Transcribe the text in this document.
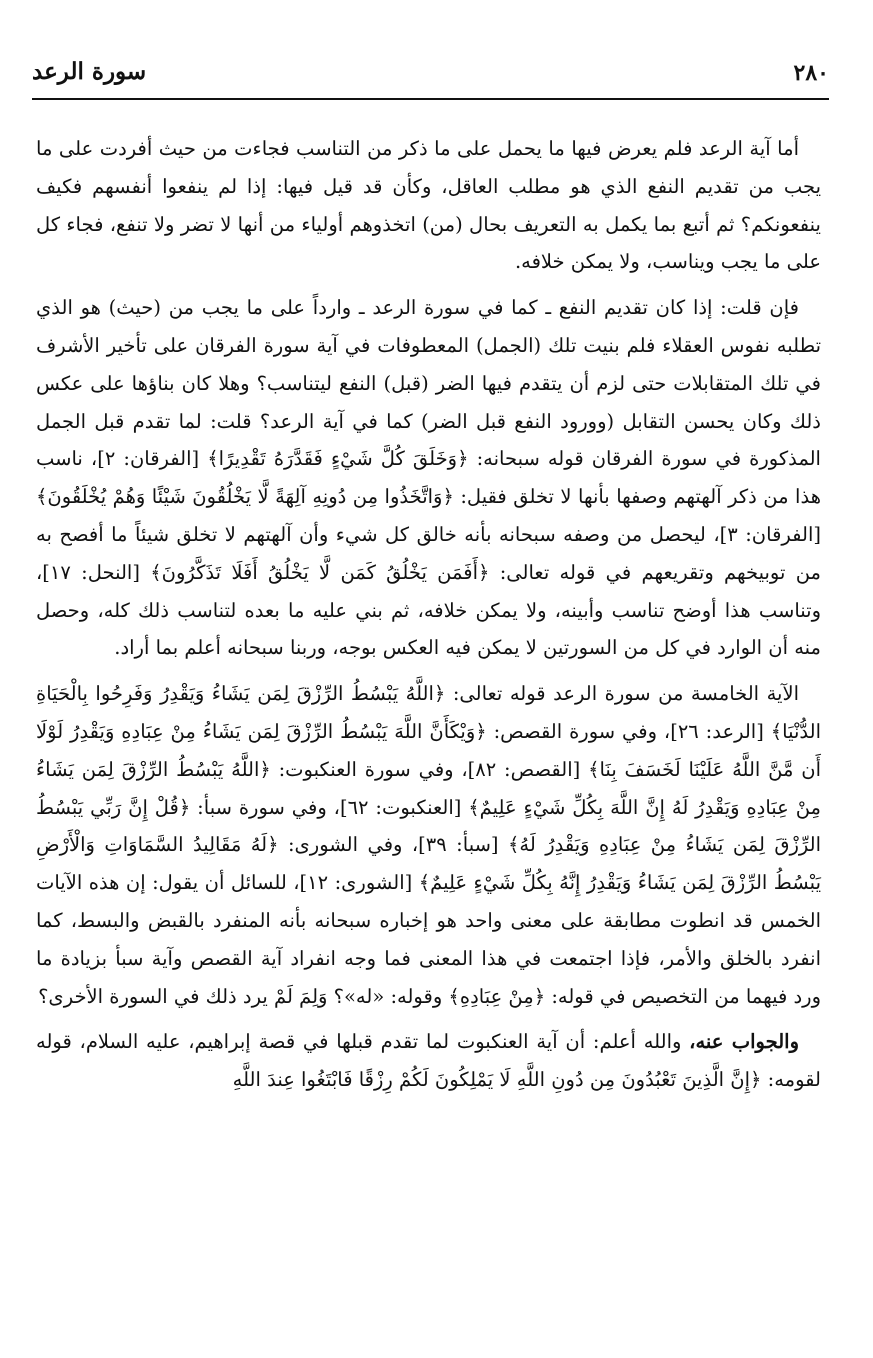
٢٨٠
سورة الرعد

أما آية الرعد فلم يعرض فيها ما يحمل على ما ذكر من التناسب فجاءت من حيث أفردت على ما يجب من تقديم النفع الذي هو مطلب العاقل، وكأن قد قيل فيها: إذا لم ينفعوا أنفسهم فكيف ينفعونكم؟ ثم أتبع بما يكمل به التعريف بحال (من) اتخذوهم أولياء من أنها لا تضر ولا تنفع، فجاء كل على ما يجب ويناسب، ولا يمكن خلافه.

فإن قلت: إذا كان تقديم النفع ـ كما في سورة الرعد ـ وارداً على ما يجب من (حيث) هو الذي تطلبه نفوس العقلاء فلم بنيت تلك (الجمل) المعطوفات في آية سورة الفرقان على تأخير الأشرف في تلك المتقابلات حتى لزم أن يتقدم فيها الضر (قبل) النفع ليتناسب؟ وهلا كان بناؤها على عكس ذلك وكان يحسن التقابل (وورود النفع قبل الضر) كما في آية الرعد؟ قلت: لما تقدم قبل الجمل المذكورة في سورة الفرقان قوله سبحانه: ﴿وَخَلَقَ كُلَّ شَيْءٍ فَقَدَّرَهُ تَقْدِيرًا﴾ [الفرقان: ٢]، ناسب هذا من ذكر آلهتهم وصفها بأنها لا تخلق فقيل: ﴿وَاتَّخَذُوا مِن دُونِهِ آلِهَةً لَّا يَخْلُقُونَ شَيْئًا وَهُمْ يُخْلَقُونَ﴾ [الفرقان: ٣]، ليحصل من وصفه سبحانه بأنه خالق كل شيء وأن آلهتهم لا تخلق شيئاً ما أفصح به من توبيخهم وتقريعهم في قوله تعالى: ﴿أَفَمَن يَخْلُقُ كَمَن لَّا يَخْلُقُ أَفَلَا تَذَكَّرُونَ﴾ [النحل: ١٧]، وتناسب هذا أوضح تناسب وأبينه، ولا يمكن خلافه، ثم بني عليه ما بعده لتناسب ذلك كله، وحصل منه أن الوارد في كل من السورتين لا يمكن فيه العكس بوجه، وربنا سبحانه أعلم بما أراد.

الآية الخامسة من سورة الرعد قوله تعالى: ﴿اللَّهُ يَبْسُطُ الرِّزْقَ لِمَن يَشَاءُ وَيَقْدِرُ وَفَرِحُوا بِالْحَيَاةِ الدُّنْيَا﴾ [الرعد: ٢٦]، وفي سورة القصص: ﴿وَيْكَأَنَّ اللَّهَ يَبْسُطُ الرِّزْقَ لِمَن يَشَاءُ مِنْ عِبَادِهِ وَيَقْدِرُ لَوْلَا أَن مَّنَّ اللَّهُ عَلَيْنَا لَخَسَفَ بِنَا﴾ [القصص: ٨٢]، وفي سورة العنكبوت: ﴿اللَّهُ يَبْسُطُ الرِّزْقَ لِمَن يَشَاءُ مِنْ عِبَادِهِ وَيَقْدِرُ لَهُ إِنَّ اللَّهَ بِكُلِّ شَيْءٍ عَلِيمٌ﴾ [العنكبوت: ٦٢]، وفي سورة سبأ: ﴿قُلْ إِنَّ رَبِّي يَبْسُطُ الرِّزْقَ لِمَن يَشَاءُ مِنْ عِبَادِهِ وَيَقْدِرُ لَهُ﴾ [سبأ: ٣٩]، وفي الشورى: ﴿لَهُ مَقَالِيدُ السَّمَاوَاتِ وَالْأَرْضِ يَبْسُطُ الرِّزْقَ لِمَن يَشَاءُ وَيَقْدِرُ إِنَّهُ بِكُلِّ شَيْءٍ عَلِيمٌ﴾ [الشورى: ١٢]، للسائل أن يقول: إن هذه الآيات الخمس قد انطوت مطابقة على معنى واحد هو إخباره سبحانه بأنه المنفرد بالقبض والبسط، كما انفرد بالخلق والأمر، فإذا اجتمعت في هذا المعنى فما وجه انفراد آية القصص وآية سبأ بزيادة ما ورد فيهما من التخصيص في قوله: ﴿مِنْ عِبَادِهِ﴾ وقوله: «له»؟ وَلِمَ لَمْ يرد ذلك في السورة الأخرى؟

والجواب عنه، والله أعلم: أن آية العنكبوت لما تقدم قبلها في قصة إبراهيم، عليه السلام، قوله لقومه: ﴿إِنَّ الَّذِينَ تَعْبُدُونَ مِن دُونِ اللَّهِ لَا يَمْلِكُونَ لَكُمْ رِزْقًا فَابْتَغُوا عِندَ اللَّهِ
